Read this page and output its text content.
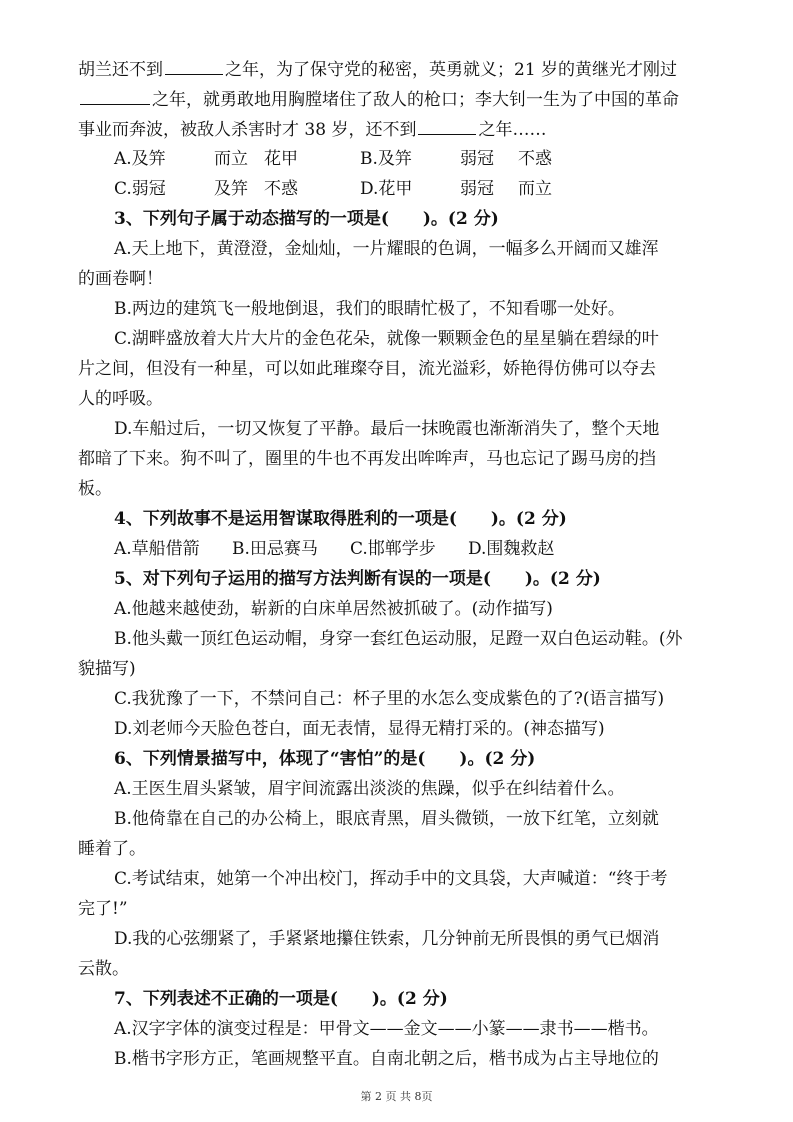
胡兰还不到	之年，为了保守党的秘密，英勇就义；21 岁的黄继光才刚过
之年，就勇敢地用胸膛堵住了敌人的枪口；李大钊一生为了中国的革命
事业而奔波，被敌人杀害时才 38 岁，还不到	之年……
A.及笄	而立 花甲	B.及笄	弱冠 不惑
C.弱冠	及笄 不惑	D.花甲	弱冠 而立
3、下列句子属于动态描写的一项是(　　)。(2 分)
A.天上地下，黄澄澄，金灿灿，一片耀眼的色调，一幅多么开阔而又雄浑
的画卷啊！
B.两边的建筑飞一般地倒退，我们的眼睛忙极了，不知看哪一处好。
C.湖畔盛放着大片大片的金色花朵，就像一颗颗金色的星星躺在碧绿的叶
片之间，但没有一种星，可以如此璀璨夺目，流光溢彩，娇艳得仿佛可以夺去
人的呼吸。
D.车船过后，一切又恢复了平静。最后一抹晚霞也渐渐消失了，整个天地
都暗了下来。狗不叫了，圈里的牛也不再发出哞哞声，马也忘记了踢马房的挡
板。
4、下列故事不是运用智谋取得胜利的一项是(　　)。(2 分)
A.草船借箭 B.田忌赛马 C.邯郸学步 D.围魏救赵
5、对下列句子运用的描写方法判断有误的一项是(　　)。(2 分)
A.他越来越使劲，崭新的白床单居然被抓破了。(动作描写)
B.他头戴一顶红色运动帽，身穿一套红色运动服，足蹬一双白色运动鞋。(外
貌描写)
C.我犹豫了一下，不禁问自己：杯子里的水怎么变成紫色的了?(语言描写)
D.刘老师今天脸色苍白，面无表情，显得无精打采的。(神态描写)
6、下列情景描写中，体现了“害怕”的是(　　)。(2 分)
A.王医生眉头紧皱，眉宇间流露出淡淡的焦躁，似乎在纠结着什么。
B.他倚靠在自己的办公椅上，眼底青黑，眉头微锁，一放下红笔，立刻就
睡着了。
C.考试结束，她第一个冲出校门，挥动手中的文具袋，大声喊道：“终于考
完了!”
D.我的心弦绷紧了，手紧紧地攥住铁索，几分钟前无所畏惧的勇气已烟消
云散。
7、下列表述不正确的一项是(　　)。(2 分)
A.汉字字体的演变过程是：甲骨文——金文——小篆——隶书——楷书。
B.楷书字形方正，笔画规整平直。自南北朝之后，楷书成为占主导地位的
第 2 页 共 8页
